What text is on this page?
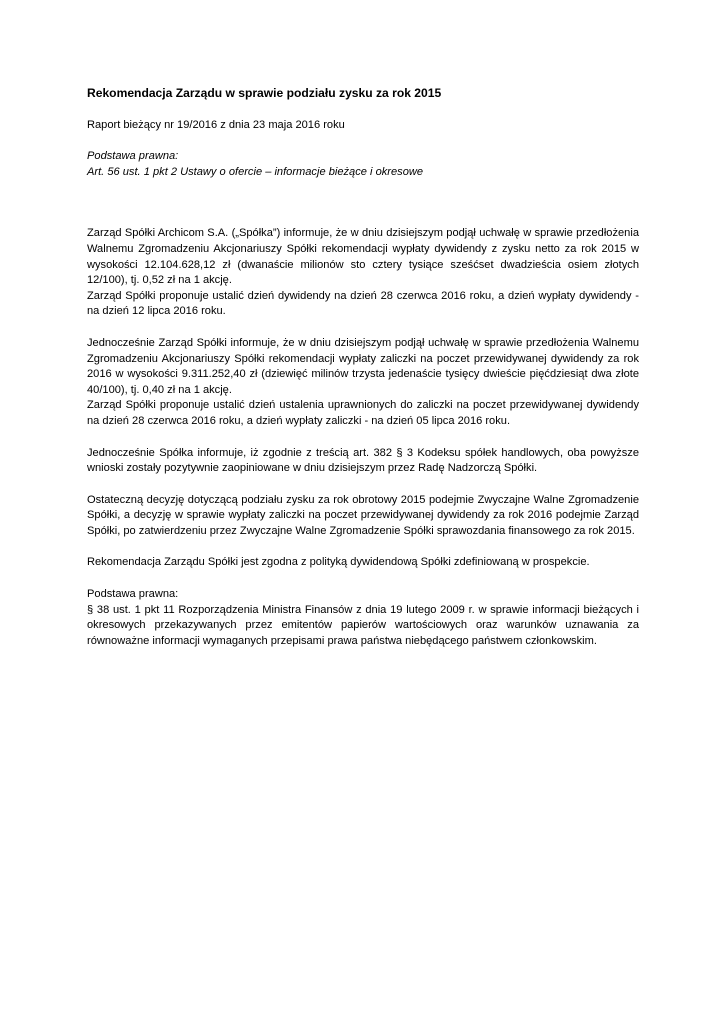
Rekomendacja Zarządu w sprawie podziału zysku za rok 2015
Raport bieżący nr 19/2016 z dnia 23 maja 2016 roku
Podstawa prawna:
Art. 56 ust. 1 pkt 2 Ustawy o ofercie – informacje bieżące i okresowe

Zarząd Spółki Archicom S.A. („Spółka”) informuje, że w dniu dzisiejszym podjął uchwałę w sprawie przedłożenia Walnemu Zgromadzeniu Akcjonariuszy Spółki rekomendacji wypłaty dywidendy z zysku netto za rok 2015 w wysokości 12.104.628,12 zł (dwanaście milionów sto cztery tysiące sześćset dwadzieścia osiem złotych 12/100), tj. 0,52 zł na 1 akcję.

Zarząd Spółki proponuje ustalić dzień dywidendy na dzień 28 czerwca 2016 roku, a dzień wypłaty dywidendy - na dzień 12 lipca 2016 roku.

Jednocześnie Zarząd Spółki informuje, że w dniu dzisiejszym podjął uchwałę w sprawie przedłożenia Walnemu Zgromadzeniu Akcjonariuszy Spółki rekomendacji wypłaty zaliczki na poczet przewidywanej dywidendy za rok 2016 w wysokości 9.311.252,40 zł (dziewięć milinów trzysta jedenaście tysięcy dwieście pięćdziesiąt dwa złote 40/100), tj. 0,40 zł na 1 akcję.

Zarząd Spółki proponuje ustalić dzień ustalenia uprawnionych do zaliczki na poczet przewidywanej dywidendy na dzień 28 czerwca 2016 roku, a dzień wypłaty zaliczki - na dzień 05 lipca 2016 roku.

Jednocześnie Spółka informuje, iż zgodnie z treścią art. 382 § 3 Kodeksu spółek handlowych, oba powyższe wnioski zostały pozytywnie zaopiniowane w dniu dzisiejszym przez Radę Nadzorczą Spółki.

Ostateczną decyzję dotyczącą podziału zysku za rok obrotowy 2015 podejmie Zwyczajne Walne Zgromadzenie Spółki, a decyzję w sprawie wypłaty zaliczki na poczet przewidywanej dywidendy za rok 2016 podejmie Zarząd Spółki, po zatwierdzeniu przez Zwyczajne Walne Zgromadzenie Spółki sprawozdania finansowego za rok 2015.

Rekomendacja Zarządu Spółki jest zgodna z polityką dywidendową Spółki zdefiniowaną w prospekcie.

Podstawa prawna:

§ 38 ust. 1 pkt 11 Rozporządzenia Ministra Finansów z dnia 19 lutego 2009 r. w sprawie informacji bieżących i okresowych przekazywanych przez emitentów papierów wartościowych oraz warunków uznawania za równoważne informacji wymaganych przepisami prawa państwa niebędącego państwem członkowskim.
